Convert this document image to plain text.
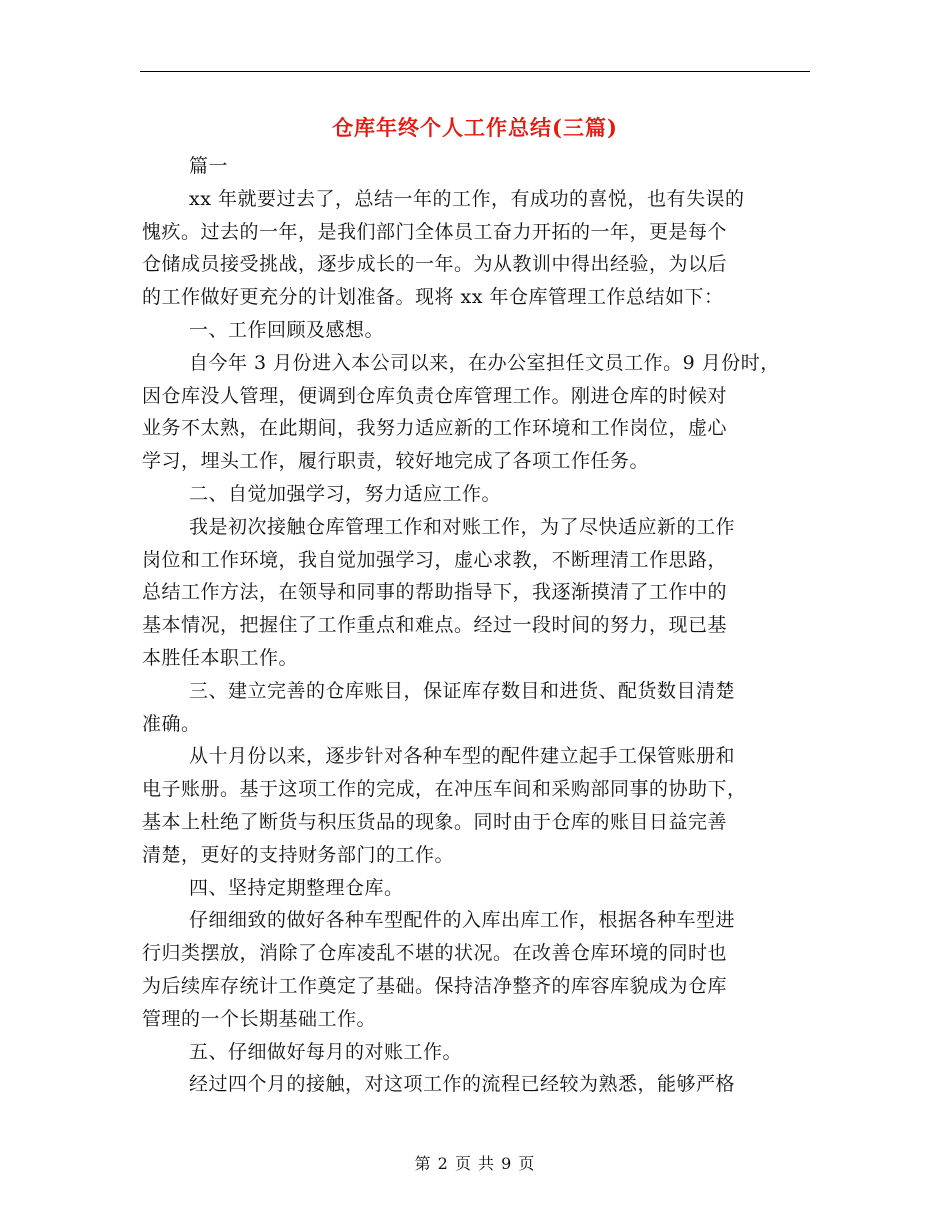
仓库年终个人工作总结(三篇)
篇一
xx 年就要过去了，总结一年的工作，有成功的喜悦，也有失误的
愧疚。过去的一年，是我们部门全体员工奋力开拓的一年，更是每个
仓储成员接受挑战，逐步成长的一年。为从教训中得出经验，为以后
的工作做好更充分的计划准备。现将 xx 年仓库管理工作总结如下：
一、工作回顾及感想。
自今年 3 月份进入本公司以来，在办公室担任文员工作。9 月份时，
因仓库没人管理，便调到仓库负责仓库管理工作。刚进仓库的时候对
业务不太熟，在此期间，我努力适应新的工作环境和工作岗位，虚心
学习，埋头工作，履行职责，较好地完成了各项工作任务。
二、自觉加强学习，努力适应工作。
我是初次接触仓库管理工作和对账工作，为了尽快适应新的工作
岗位和工作环境，我自觉加强学习，虚心求教，不断理清工作思路，
总结工作方法，在领导和同事的帮助指导下，我逐渐摸清了工作中的
基本情况，把握住了工作重点和难点。经过一段时间的努力，现已基
本胜任本职工作。
三、建立完善的仓库账目，保证库存数目和进货、配货数目清楚
准确。
从十月份以来，逐步针对各种车型的配件建立起手工保管账册和
电子账册。基于这项工作的完成，在冲压车间和采购部同事的协助下，
基本上杜绝了断货与积压货品的现象。同时由于仓库的账目日益完善
清楚，更好的支持财务部门的工作。
四、坚持定期整理仓库。
仔细细致的做好各种车型配件的入库出库工作，根据各种车型进
行归类摆放，消除了仓库凌乱不堪的状况。在改善仓库环境的同时也
为后续库存统计工作奠定了基础。保持洁净整齐的库容库貌成为仓库
管理的一个长期基础工作。
五、仔细做好每月的对账工作。
经过四个月的接触，对这项工作的流程已经较为熟悉，能够严格
第 2 页 共 9 页
